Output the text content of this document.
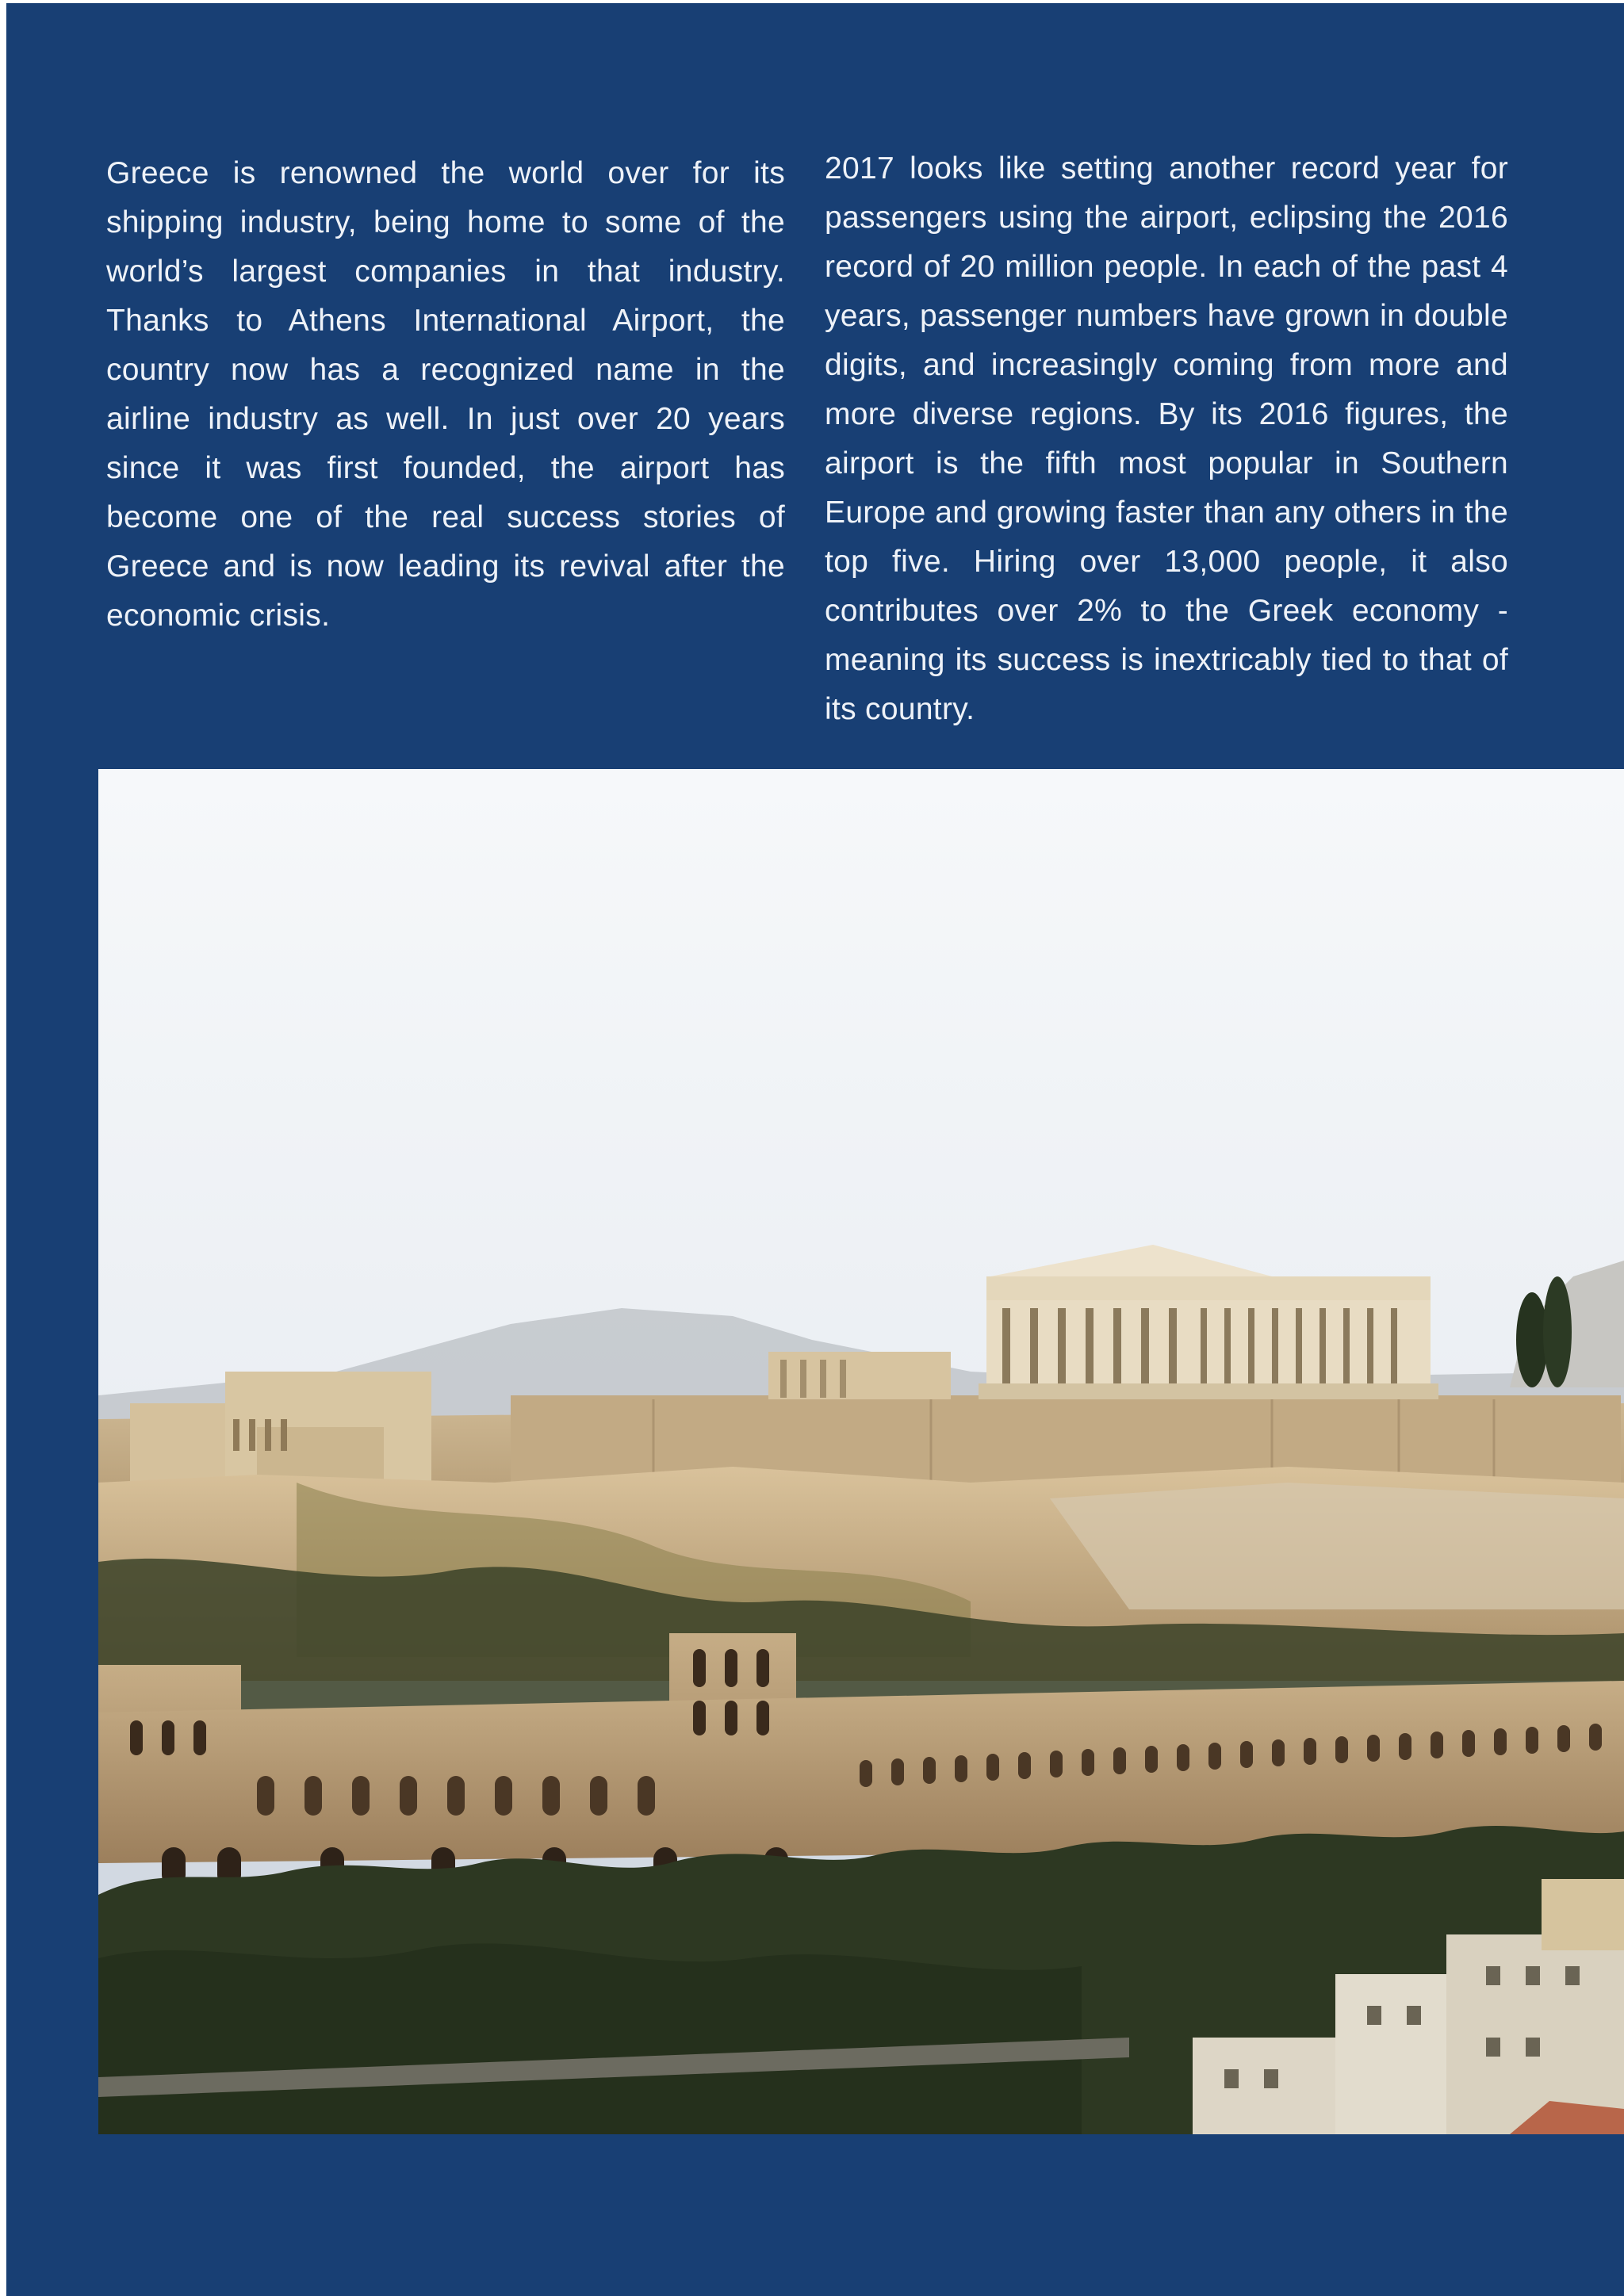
Greece is renowned the world over for its shipping industry, being home to some of the world’s largest companies in that industry. Thanks to Athens International Airport, the country now has a recognized name in the airline industry as well. In just over 20 years since it was first founded, the airport has become one of the real success stories of Greece and is now leading its revival after the economic crisis.

2017 looks like setting another record year for passengers using the airport, eclipsing the 2016 record of 20 million people. In each of the past 4 years, passenger numbers have grown in double digits, and increasingly coming from more and more diverse regions. By its 2016 figures, the airport is the fifth most popular in Southern Europe and growing faster than any others in the top five. Hiring over 13,000 people, it also contributes over 2% to the Greek economy - meaning its success is inextricably tied to that of its country.
